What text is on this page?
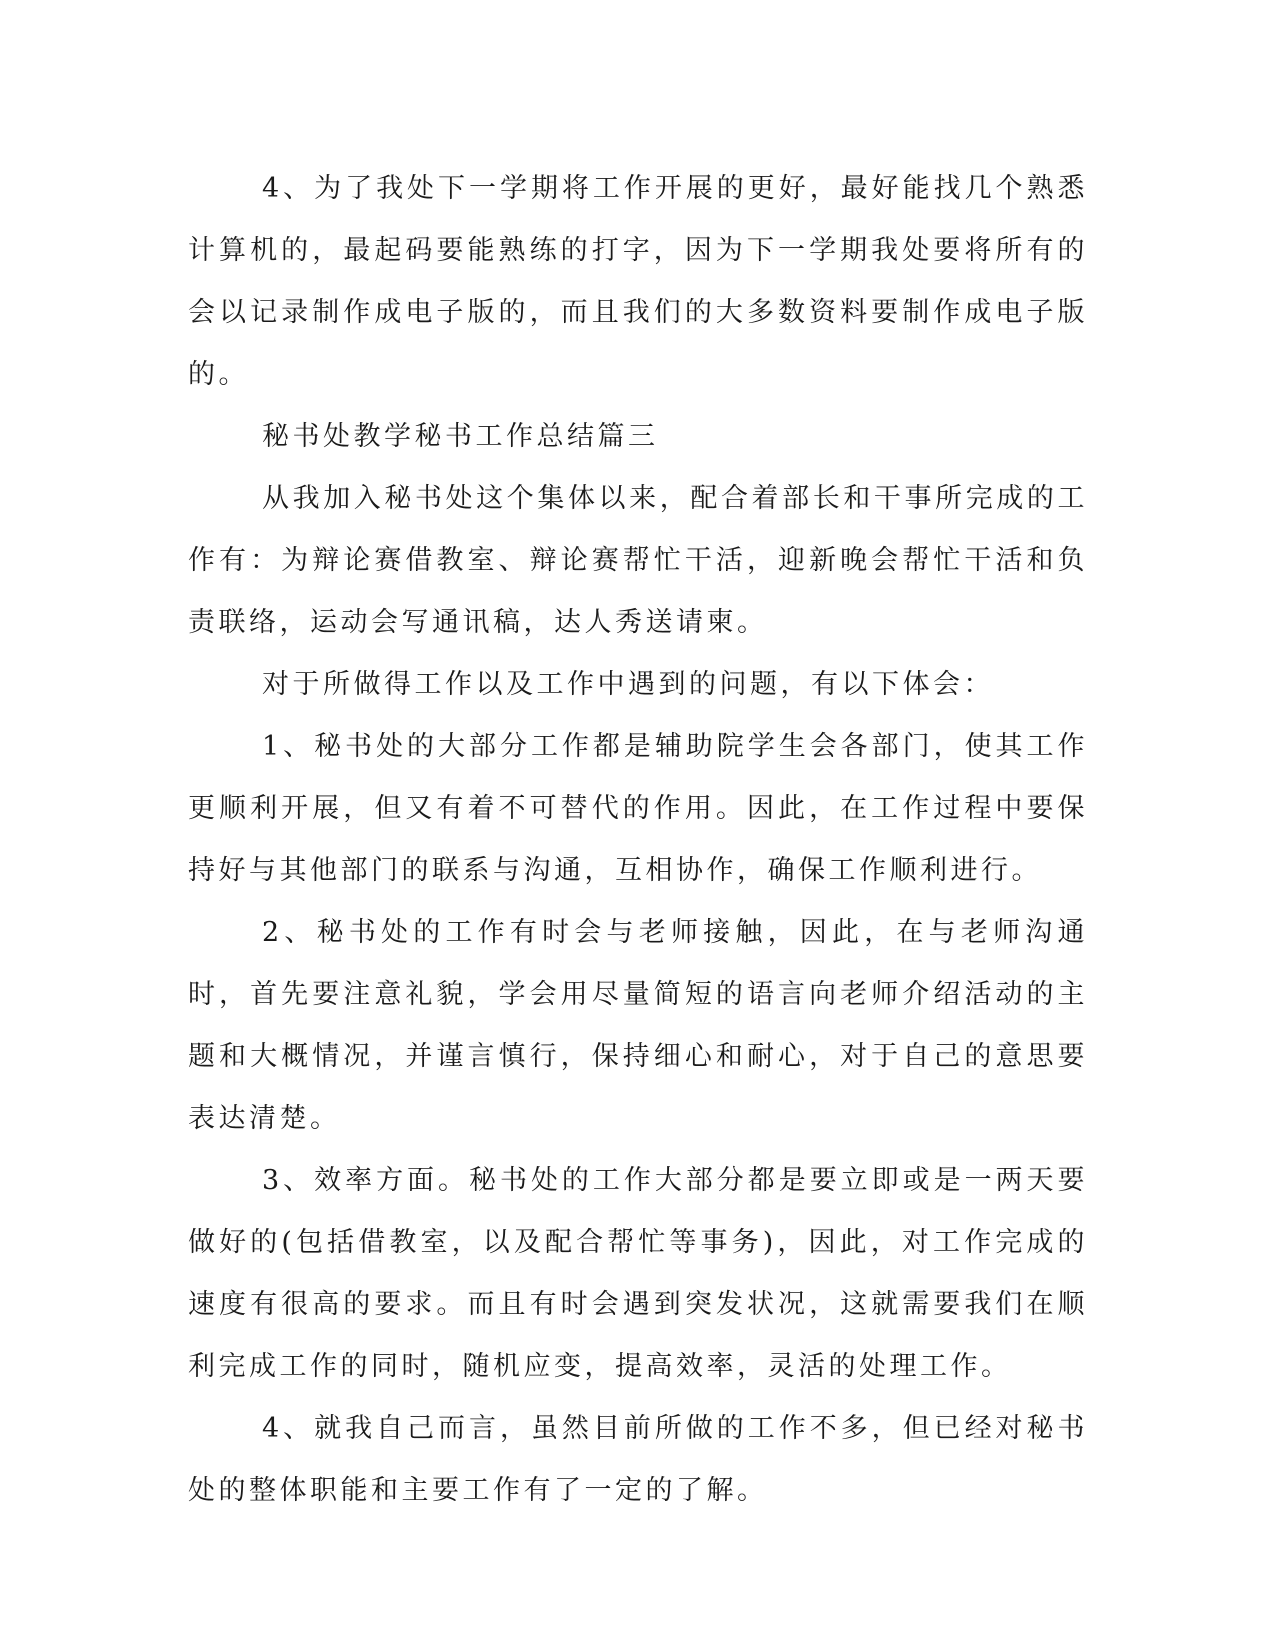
4、为了我处下一学期将工作开展的更好，最好能找几个熟悉计算机的，最起码要能熟练的打字，因为下一学期我处要将所有的会以记录制作成电子版的，而且我们的大多数资料要制作成电子版的。

秘书处教学秘书工作总结篇三

从我加入秘书处这个集体以来，配合着部长和干事所完成的工作有：为辩论赛借教室、辩论赛帮忙干活，迎新晚会帮忙干活和负责联络，运动会写通讯稿，达人秀送请柬。

对于所做得工作以及工作中遇到的问题，有以下体会：

1、秘书处的大部分工作都是辅助院学生会各部门，使其工作更顺利开展，但又有着不可替代的作用。因此，在工作过程中要保持好与其他部门的联系与沟通，互相协作，确保工作顺利进行。

2、秘书处的工作有时会与老师接触，因此，在与老师沟通时，首先要注意礼貌，学会用尽量简短的语言向老师介绍活动的主题和大概情况，并谨言慎行，保持细心和耐心，对于自己的意思要表达清楚。

3、效率方面。秘书处的工作大部分都是要立即或是一两天要做好的(包括借教室，以及配合帮忙等事务)，因此，对工作完成的速度有很高的要求。而且有时会遇到突发状况，这就需要我们在顺利完成工作的同时，随机应变，提高效率，灵活的处理工作。

4、就我自己而言，虽然目前所做的工作不多，但已经对秘书处的整体职能和主要工作有了一定的了解。
